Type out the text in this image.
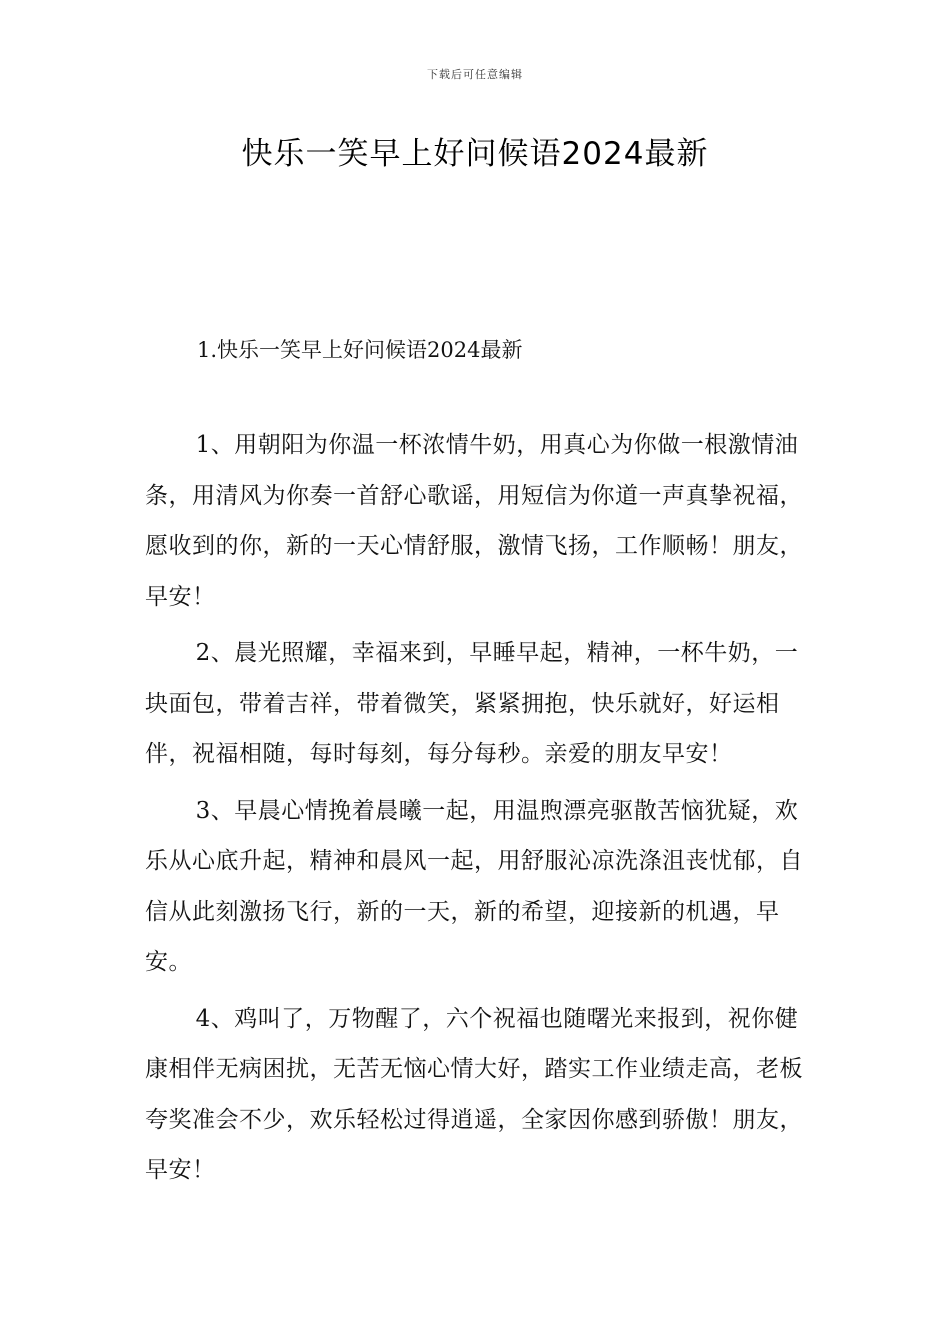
下载后可任意编辑
快乐一笑早上好问候语2024最新
1.快乐一笑早上好问候语2024最新

1、用朝阳为你温一杯浓情牛奶，用真心为你做一根激情油条，用清风为你奏一首舒心歌谣，用短信为你道一声真挚祝福，愿收到的你，新的一天心情舒服，激情飞扬，工作顺畅！朋友，早安！

2、晨光照耀，幸福来到，早睡早起，精神，一杯牛奶，一块面包，带着吉祥，带着微笑，紧紧拥抱，快乐就好，好运相伴，祝福相随，每时每刻，每分每秒。亲爱的朋友早安！

3、早晨心情挽着晨曦一起，用温煦漂亮驱散苦恼犹疑，欢乐从心底升起，精神和晨风一起，用舒服沁凉洗涤沮丧忧郁，自信从此刻激扬飞行，新的一天，新的希望，迎接新的机遇，早安。

4、鸡叫了，万物醒了，六个祝福也随曙光来报到，祝你健康相伴无病困扰，无苦无恼心情大好，踏实工作业绩走高，老板夸奖准会不少，欢乐轻松过得逍遥，全家因你感到骄傲！朋友，早安！
